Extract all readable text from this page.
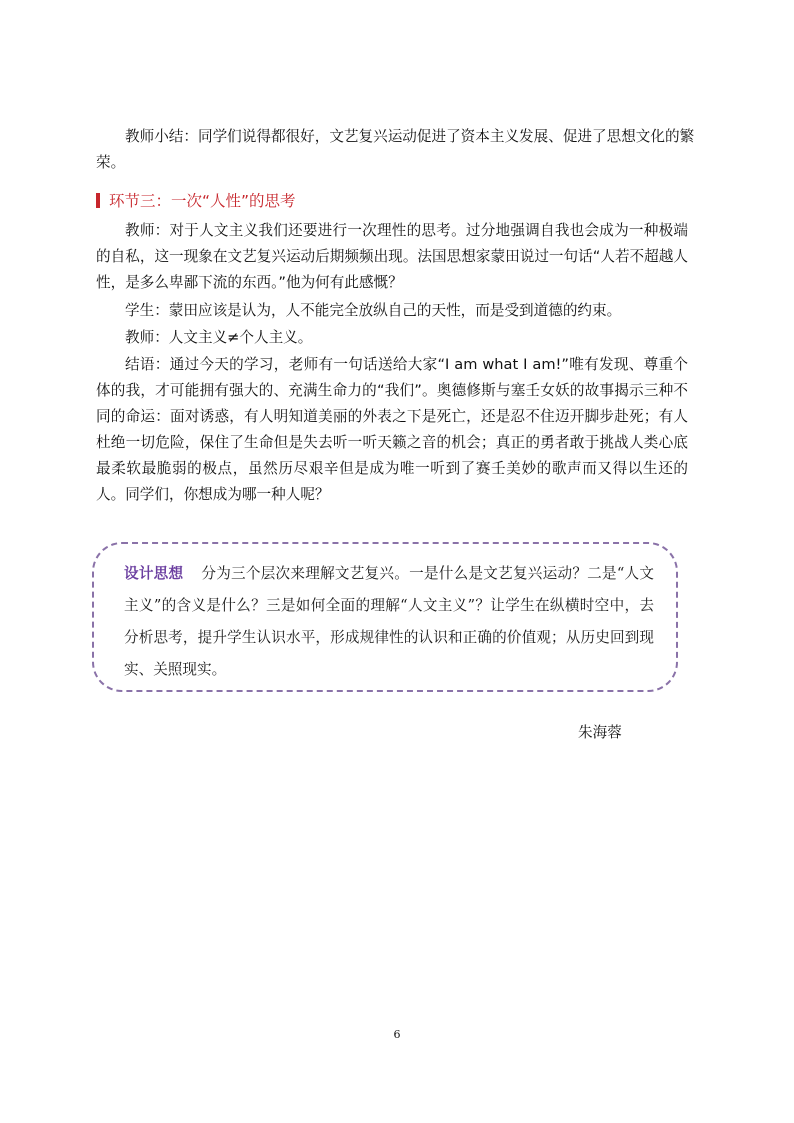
教师小结：同学们说得都很好，文艺复兴运动促进了资本主义发展、促进了思想文化的繁

荣。

环节三：一次“人性”的思考

教师：对于人文主义我们还要进行一次理性的思考。过分地强调自我也会成为一种极端的自私，这一现象在文艺复兴运动后期频频出现。法国思想家蒙田说过一句话“人若不超越人性，是多么卑鄙下流的东西。”他为何有此感慨？

学生：蒙田应该是认为，人不能完全放纵自己的天性，而是受到道德的约束。

教师：人文主义≠个人主义。

结语：通过今天的学习，老师有一句话送给大家“I am what I am!”唯有发现、尊重个体的我，才可能拥有强大的、充满生命力的“我们”。奥德修斯与塞壬女妖的故事揭示三种不同的命运：面对诱惑，有人明知道美丽的外表之下是死亡，还是忍不住迈开脚步赴死；有人杜绝一切危险，保住了生命但是失去听一听天籁之音的机会；真正的勇者敢于挑战人类心底最柔软最脆弱的极点，虽然历尽艰辛但是成为唯一听到了赛壬美妙的歌声而又得以生还的人。同学们，你想成为哪一种人呢？

设计思想 分为三个层次来理解文艺复兴。一是什么是文艺复兴运动？二是“人文主义”的含义是什么？三是如何全面的理解“人文主义”？让学生在纵横时空中，去分析思考，提升学生认识水平，形成规律性的认识和正确的价值观；从历史回到现实、关照现实。

朱海蓉
6
